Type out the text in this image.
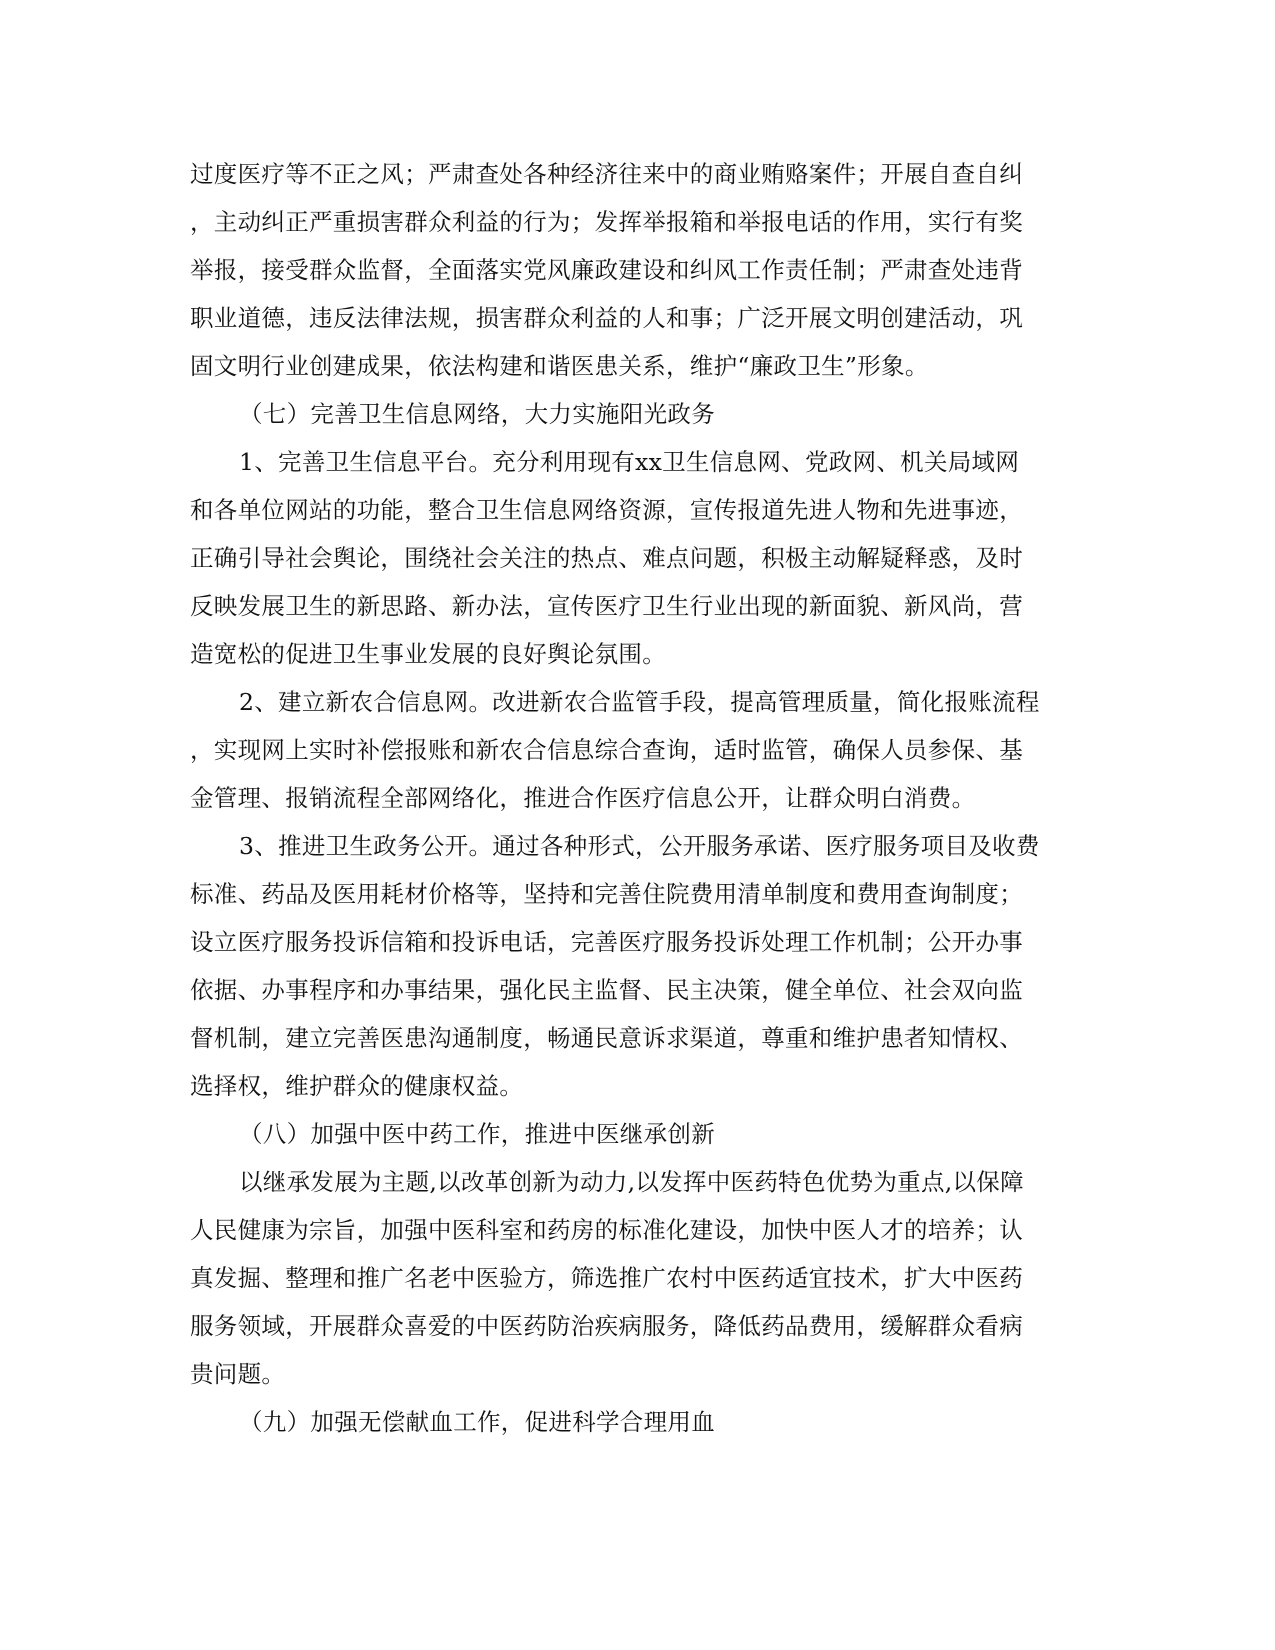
过度医疗等不正之风；严肃查处各种经济往来中的商业贿赂案件；开展自查自纠
，主动纠正严重损害群众利益的行为；发挥举报箱和举报电话的作用，实行有奖
举报，接受群众监督，全面落实党风廉政建设和纠风工作责任制；严肃查处违背
职业道德，违反法律法规，损害群众利益的人和事；广泛开展文明创建活动，巩
固文明行业创建成果，依法构建和谐医患关系，维护“廉政卫生”形象。
（七）完善卫生信息网络，大力实施阳光政务
1、完善卫生信息平台。充分利用现有xx卫生信息网、党政网、机关局域网
和各单位网站的功能，整合卫生信息网络资源，宣传报道先进人物和先进事迹，
正确引导社会舆论，围绕社会关注的热点、难点问题，积极主动解疑释惑，及时
反映发展卫生的新思路、新办法，宣传医疗卫生行业出现的新面貌、新风尚，营
造宽松的促进卫生事业发展的良好舆论氛围。
2、建立新农合信息网。改进新农合监管手段，提高管理质量，简化报账流程
，实现网上实时补偿报账和新农合信息综合查询，适时监管，确保人员参保、基
金管理、报销流程全部网络化，推进合作医疗信息公开，让群众明白消费。
3、推进卫生政务公开。通过各种形式，公开服务承诺、医疗服务项目及收费
标准、药品及医用耗材价格等，坚持和完善住院费用清单制度和费用查询制度；
设立医疗服务投诉信箱和投诉电话，完善医疗服务投诉处理工作机制；公开办事
依据、办事程序和办事结果，强化民主监督、民主决策，健全单位、社会双向监
督机制，建立完善医患沟通制度，畅通民意诉求渠道，尊重和维护患者知情权、
选择权，维护群众的健康权益。
（八）加强中医中药工作，推进中医继承创新
以继承发展为主题,以改革创新为动力,以发挥中医药特色优势为重点,以保障
人民健康为宗旨，加强中医科室和药房的标准化建设，加快中医人才的培养；认
真发掘、整理和推广名老中医验方，筛选推广农村中医药适宜技术，扩大中医药
服务领域，开展群众喜爱的中医药防治疾病服务，降低药品费用，缓解群众看病
贵问题。
（九）加强无偿献血工作，促进科学合理用血
